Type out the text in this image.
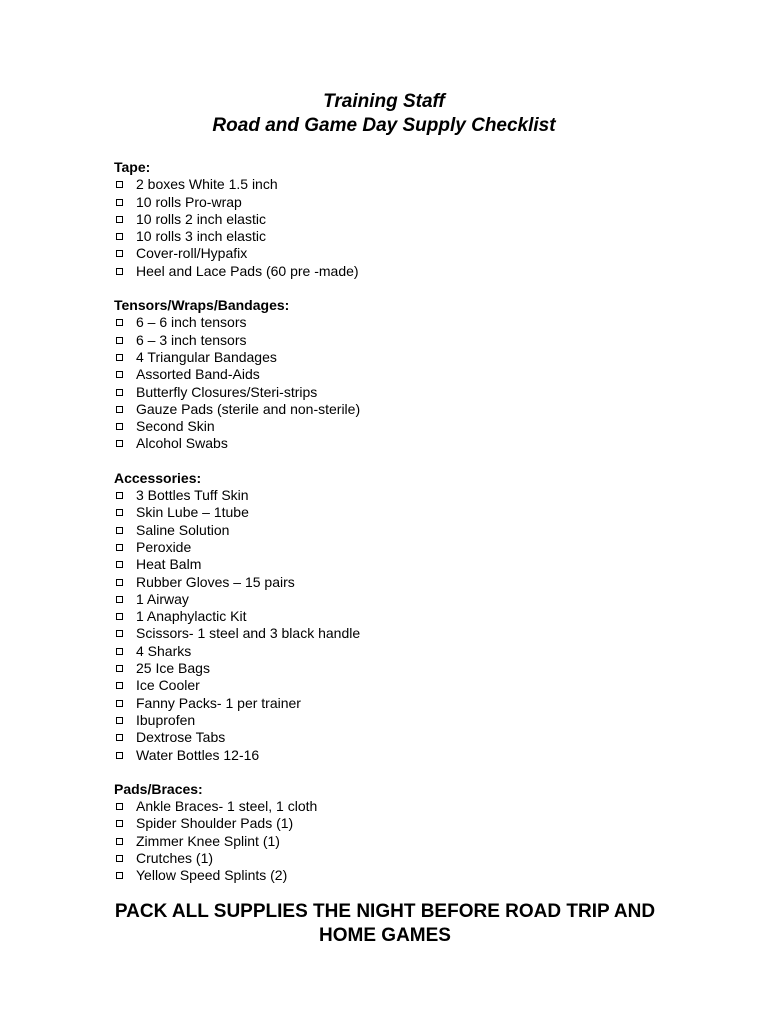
Training Staff
Road and Game Day Supply Checklist
Tape:
2 boxes White 1.5 inch
10 rolls Pro-wrap
10 rolls 2 inch elastic
10 rolls 3 inch elastic
Cover-roll/Hypafix
Heel and Lace Pads (60 pre -made)
Tensors/Wraps/Bandages:
6 – 6 inch tensors
6 – 3 inch tensors
4 Triangular Bandages
Assorted Band-Aids
Butterfly Closures/Steri-strips
Gauze Pads (sterile and non-sterile)
Second Skin
Alcohol Swabs
Accessories:
3 Bottles Tuff Skin
Skin Lube – 1tube
Saline Solution
Peroxide
Heat Balm
Rubber Gloves – 15 pairs
1 Airway
1 Anaphylactic Kit
Scissors- 1 steel and 3 black handle
4 Sharks
25 Ice Bags
Ice Cooler
Fanny Packs- 1 per trainer
Ibuprofen
Dextrose Tabs
Water Bottles 12-16
Pads/Braces:
Ankle Braces- 1 steel, 1 cloth
Spider Shoulder Pads (1)
Zimmer Knee Splint (1)
Crutches (1)
Yellow Speed Splints (2)
PACK ALL SUPPLIES THE NIGHT BEFORE ROAD TRIP AND
HOME GAMES
